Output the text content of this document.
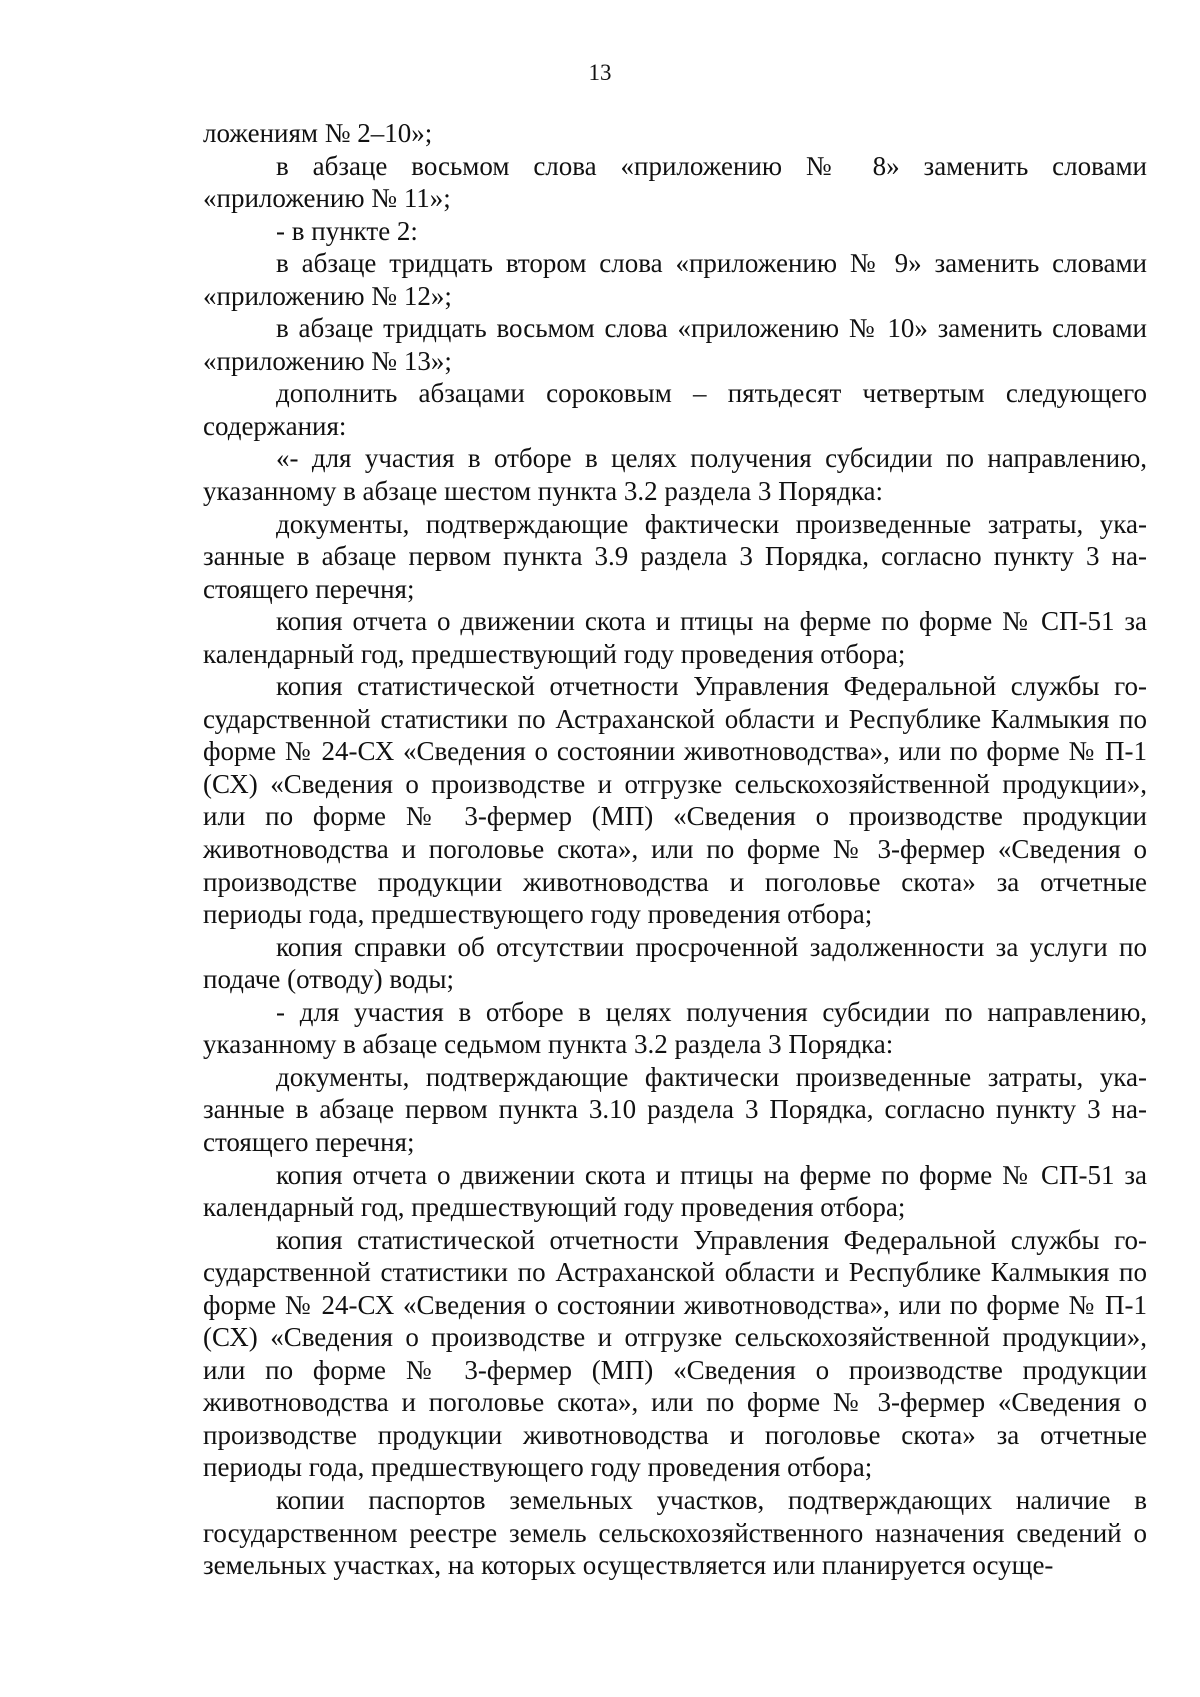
13

ложениям № 2–10»;

в абзаце восьмом слова «приложению № 8» заменить словами «приложению № 11»;

- в пункте 2:

в абзаце тридцать втором слова «приложению № 9» заменить словами «приложению № 12»;

в абзаце тридцать восьмом слова «приложению № 10» заменить словами «приложению № 13»;

дополнить абзацами сороковым – пятьдесят четвертым следующего содержания:

«- для участия в отборе в целях получения субсидии по направлению, указанному в абзаце шестом пункта 3.2 раздела 3 Порядка:

документы, подтверждающие фактически произведенные затраты, указанные в абзаце первом пункта 3.9 раздела 3 Порядка, согласно пункту 3 настоящего перечня;

копия отчета о движении скота и птицы на ферме по форме № СП-51 за календарный год, предшествующий году проведения отбора;

копия статистической отчетности Управления Федеральной службы государственной статистики по Астраханской области и Республике Калмыкия по форме № 24-СХ «Сведения о состоянии животноводства», или по форме № П-1 (СХ) «Сведения о производстве и отгрузке сельскохозяйственной продукции», или по форме № 3-фермер (МП) «Сведения о производстве продукции животноводства и поголовье скота», или по форме № 3-фермер «Сведения о производстве продукции животноводства и поголовье скота» за отчетные периоды года, предшествующего году проведения отбора;

копия справки об отсутствии просроченной задолженности за услуги по подаче (отводу) воды;

- для участия в отборе в целях получения субсидии по направлению, указанному в абзаце седьмом пункта 3.2 раздела 3 Порядка:

документы, подтверждающие фактически произведенные затраты, указанные в абзаце первом пункта 3.10 раздела 3 Порядка, согласно пункту 3 настоящего перечня;

копия отчета о движении скота и птицы на ферме по форме № СП-51 за календарный год, предшествующий году проведения отбора;

копия статистической отчетности Управления Федеральной службы государственной статистики по Астраханской области и Республике Калмыкия по форме № 24-СХ «Сведения о состоянии животноводства», или по форме № П-1 (СХ) «Сведения о производстве и отгрузке сельскохозяйственной продукции», или по форме № 3-фермер (МП) «Сведения о производстве продукции животноводства и поголовье скота», или по форме № 3-фермер «Сведения о производстве продукции животноводства и поголовье скота» за отчетные периоды года, предшествующего году проведения отбора;

копии паспортов земельных участков, подтверждающих наличие в государственном реестре земель сельскохозяйственного назначения сведений о земельных участках, на которых осуществляется или планируется осуще-
